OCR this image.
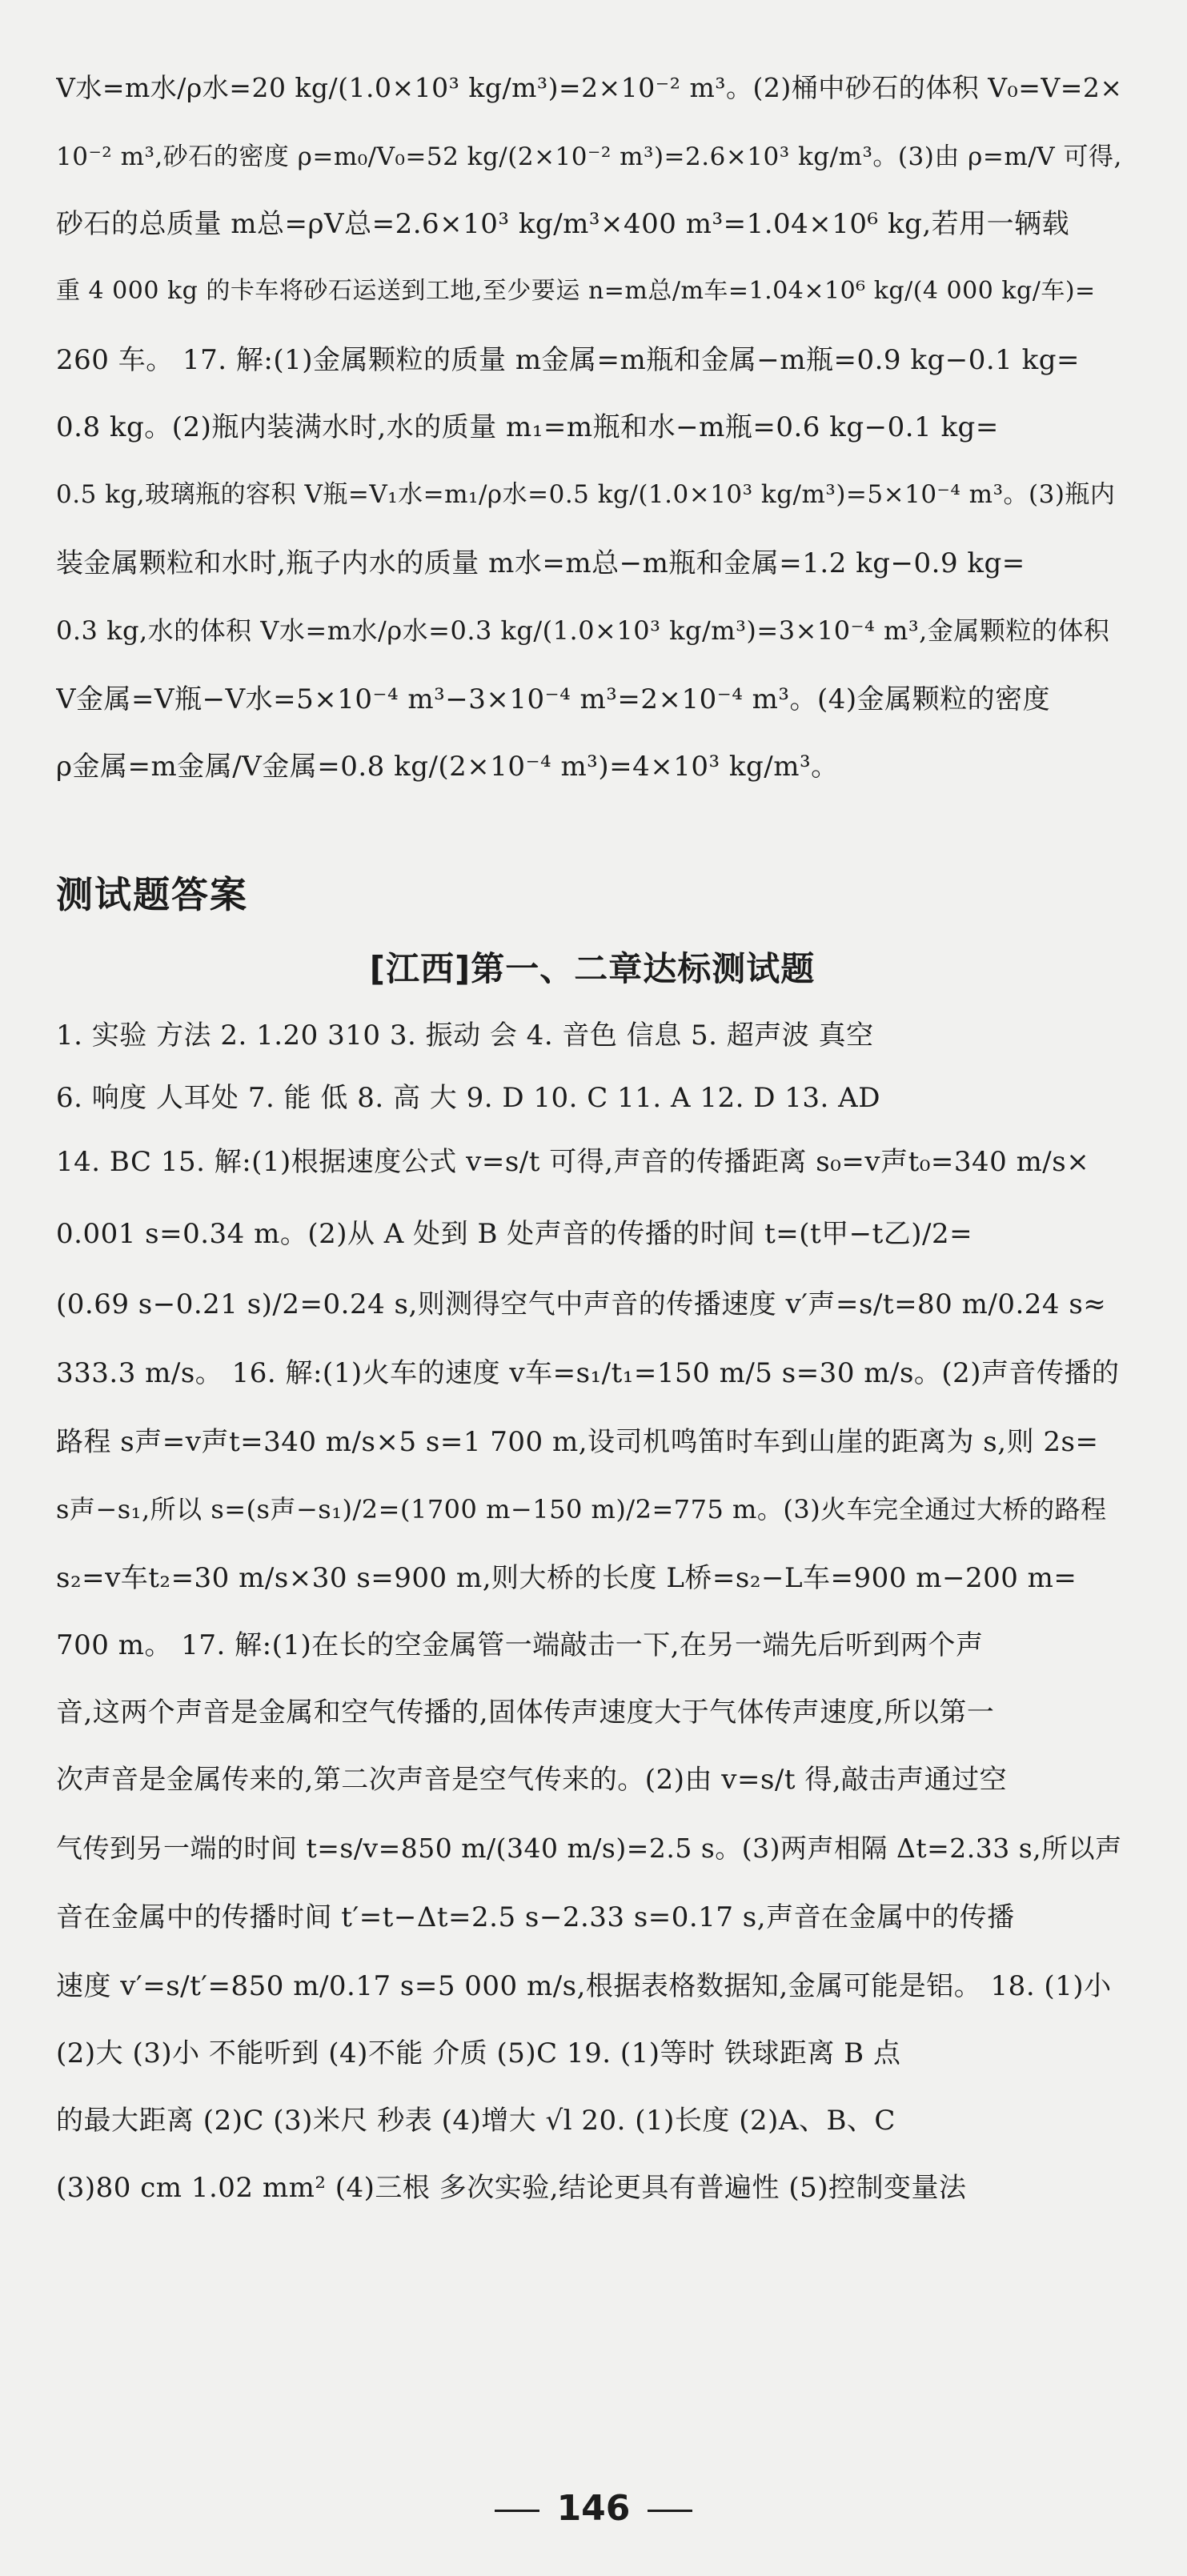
V水=m水/ρ水=20 kg/(1.0×10³ kg/m³)=2×10⁻² m³。(2)桶中砂石的体积 V₀=V=2×
10⁻² m³,砂石的密度 ρ=m₀/V₀=52 kg/(2×10⁻² m³)=2.6×10³ kg/m³。(3)由 ρ=m/V 可得,
砂石的总质量 m总=ρV总=2.6×10³ kg/m³×400 m³=1.04×10⁶ kg,若用一辆载
重 4 000 kg 的卡车将砂石运送到工地,至少要运 n=m总/m车=1.04×10⁶ kg/(4 000 kg/车)=
260 车。 17. 解:(1)金属颗粒的质量 m金属=m瓶和金属−m瓶=0.9 kg−0.1 kg=
0.8 kg。(2)瓶内装满水时,水的质量 m₁=m瓶和水−m瓶=0.6 kg−0.1 kg=
0.5 kg,玻璃瓶的容积 V瓶=V₁水=m₁/ρ水=0.5 kg/(1.0×10³ kg/m³)=5×10⁻⁴ m³。(3)瓶内
装金属颗粒和水时,瓶子内水的质量 m水=m总−m瓶和金属=1.2 kg−0.9 kg=
0.3 kg,水的体积 V水=m水/ρ水=0.3 kg/(1.0×10³ kg/m³)=3×10⁻⁴ m³,金属颗粒的体积
V金属=V瓶−V水=5×10⁻⁴ m³−3×10⁻⁴ m³=2×10⁻⁴ m³。(4)金属颗粒的密度
ρ金属=m金属/V金属=0.8 kg/(2×10⁻⁴ m³)=4×10³ kg/m³。
测试题答案
[江西]第一、二章达标测试题
1. 实验 方法 2. 1.20 310 3. 振动 会 4. 音色 信息 5. 超声波 真空
6. 响度 人耳处 7. 能 低 8. 高 大 9. D 10. C 11. A 12. D 13. AD
14. BC 15. 解:(1)根据速度公式 v=s/t 可得,声音的传播距离 s₀=v声t₀=340 m/s×
0.001 s=0.34 m。(2)从 A 处到 B 处声音的传播的时间 t=(t甲−t乙)/2=
(0.69 s−0.21 s)/2=0.24 s,则测得空气中声音的传播速度 v′声=s/t=80 m/0.24 s≈
333.3 m/s。 16. 解:(1)火车的速度 v车=s₁/t₁=150 m/5 s=30 m/s。(2)声音传播的
路程 s声=v声t=340 m/s×5 s=1 700 m,设司机鸣笛时车到山崖的距离为 s,则 2s=
s声−s₁,所以 s=(s声−s₁)/2=(1700 m−150 m)/2=775 m。(3)火车完全通过大桥的路程
s₂=v车t₂=30 m/s×30 s=900 m,则大桥的长度 L桥=s₂−L车=900 m−200 m=
700 m。 17. 解:(1)在长的空金属管一端敲击一下,在另一端先后听到两个声
音,这两个声音是金属和空气传播的,固体传声速度大于气体传声速度,所以第一
次声音是金属传来的,第二次声音是空气传来的。(2)由 v=s/t 得,敲击声通过空
气传到另一端的时间 t=s/v=850 m/(340 m/s)=2.5 s。(3)两声相隔 Δt=2.33 s,所以声
音在金属中的传播时间 t′=t−Δt=2.5 s−2.33 s=0.17 s,声音在金属中的传播
速度 v′=s/t′=850 m/0.17 s=5 000 m/s,根据表格数据知,金属可能是铝。 18. (1)小
(2)大 (3)小 不能听到 (4)不能 介质 (5)C 19. (1)等时 铁球距离 B 点
的最大距离 (2)C (3)米尺 秒表 (4)增大 √l 20. (1)长度 (2)A、B、C
(3)80 cm 1.02 mm² (4)三根 多次实验,结论更具有普遍性 (5)控制变量法
146
